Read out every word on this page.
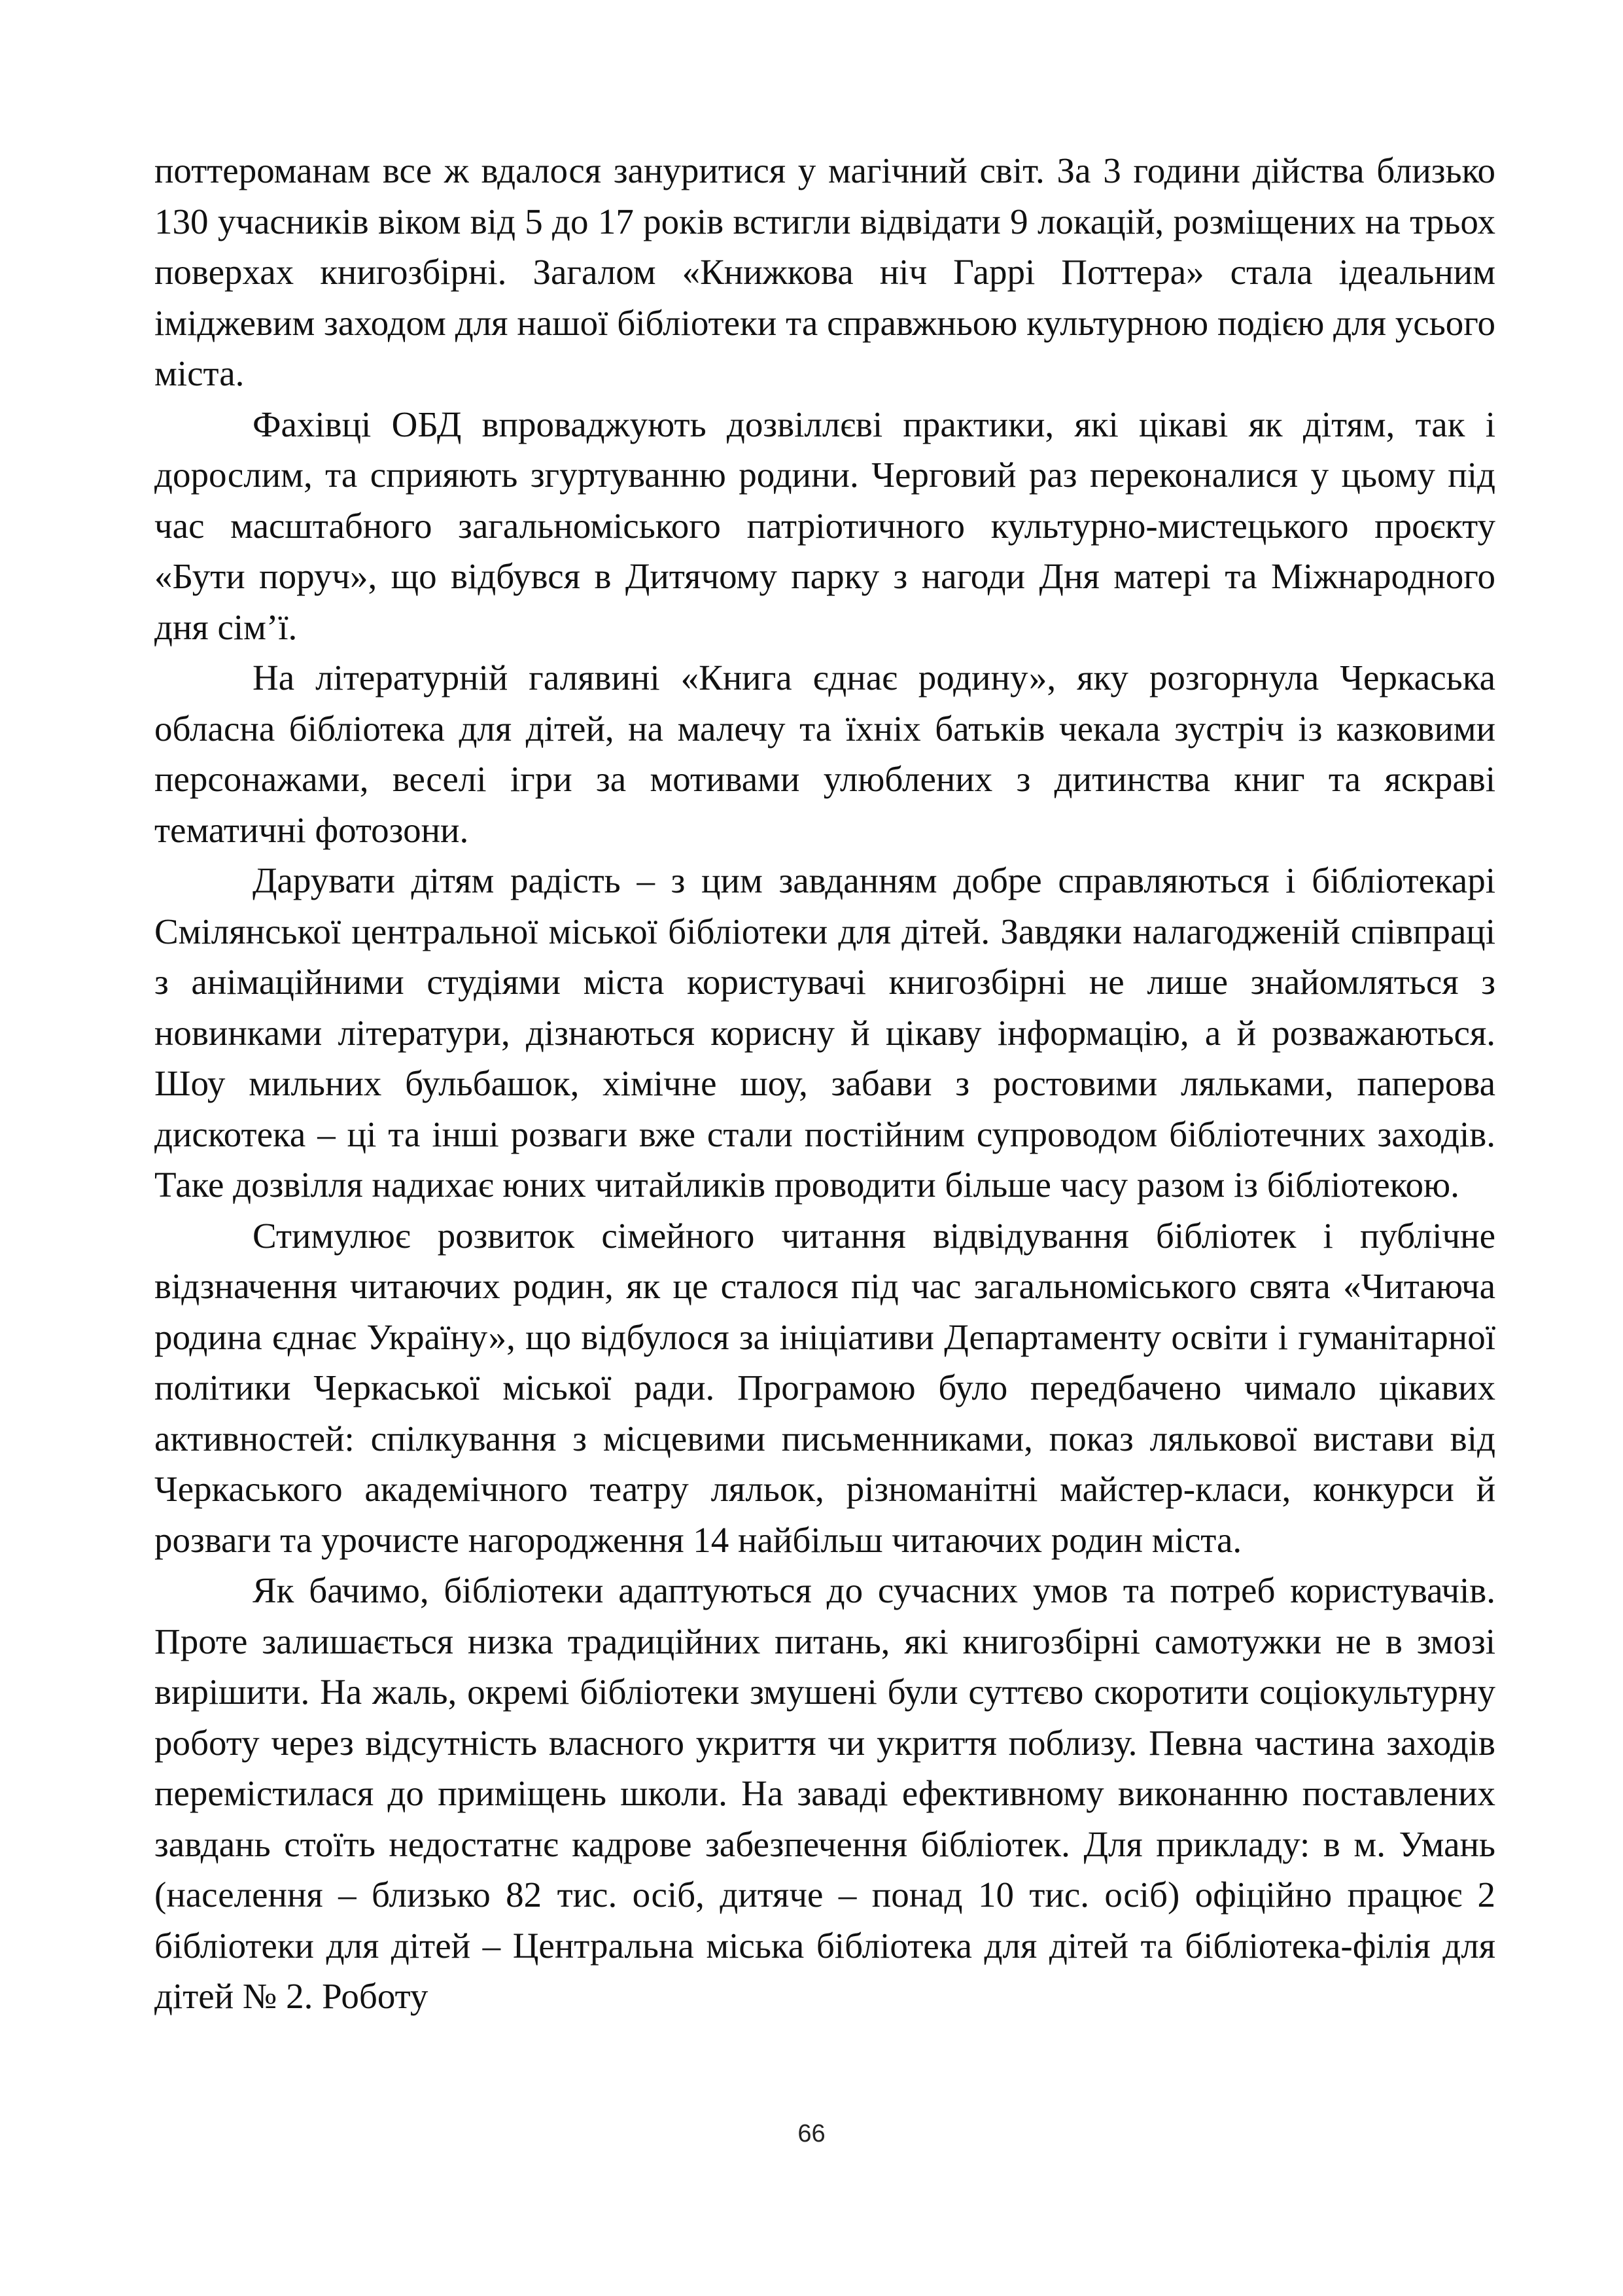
поттероманам все ж вдалося зануритися у магічний світ. За 3 години дійства близько 130 учасників віком від 5 до 17 років встигли відвідати 9 локацій, розміщених на трьох поверхах книгозбірні. Загалом «Книжкова ніч Гаррі Поттера» стала ідеальним іміджевим заходом для нашої бібліотеки та справжньою культурною подією для усього міста.

Фахівці ОБД впроваджують дозвіллєві практики, які цікаві як дітям, так і дорослим, та сприяють згуртуванню родини. Черговий раз переконалися у цьому під час масштабного загальноміського патріотичного культурно-мистецького проєкту «Бути поруч», що відбувся в Дитячому парку з нагоди Дня матері та Міжнародного дня сім’ї.

На літературній галявині «Книга єднає родину», яку розгорнула Черкаська обласна бібліотека для дітей, на малечу та їхніх батьків чекала зустріч із казковими персонажами, веселі ігри за мотивами улюблених з дитинства книг та яскраві тематичні фотозони.

Дарувати дітям радість – з цим завданням добре справляються і бібліотекарі Смілянської центральної міської бібліотеки для дітей. Завдяки налагодженій співпраці з анімаційними студіями міста користувачі книгозбірні не лише знайомляться з новинками літератури, дізнаються корисну й цікаву інформацію, а й розважаються. Шоу мильних бульбашок, хімічне шоу, забави з ростовими ляльками, паперова дискотека – ці та інші розваги вже стали постійним супроводом бібліотечних заходів. Таке дозвілля надихає юних читайликів проводити більше часу разом із бібліотекою.

Стимулює розвиток сімейного читання відвідування бібліотек і публічне відзначення читаючих родин, як це сталося під час загальноміського свята «Читаюча родина єднає Україну», що відбулося за ініціативи Департаменту освіти і гуманітарної політики Черкаської міської ради. Програмою було передбачено чимало цікавих активностей: спілкування з місцевими письменниками, показ лялькової вистави від Черкаського академічного театру ляльок, різноманітні майстер-класи, конкурси й розваги та урочисте нагородження 14 найбільш читаючих родин міста.

Як бачимо, бібліотеки адаптуються до сучасних умов та потреб користувачів. Проте залишається низка традиційних питань, які книгозбірні самотужки не в змозі вирішити. На жаль, окремі бібліотеки змушені були суттєво скоротити соціокультурну роботу через відсутність власного укриття чи укриття поблизу. Певна частина заходів перемістилася до приміщень школи. На заваді ефективному виконанню поставлених завдань стоїть недостатнє кадрове забезпечення бібліотек. Для прикладу: в м. Умань (населення – близько 82 тис. осіб, дитяче – понад 10 тис. осіб) офіційно працює 2 бібліотеки для дітей – Центральна міська бібліотека для дітей та бібліотека-філія для дітей № 2. Роботу

66
